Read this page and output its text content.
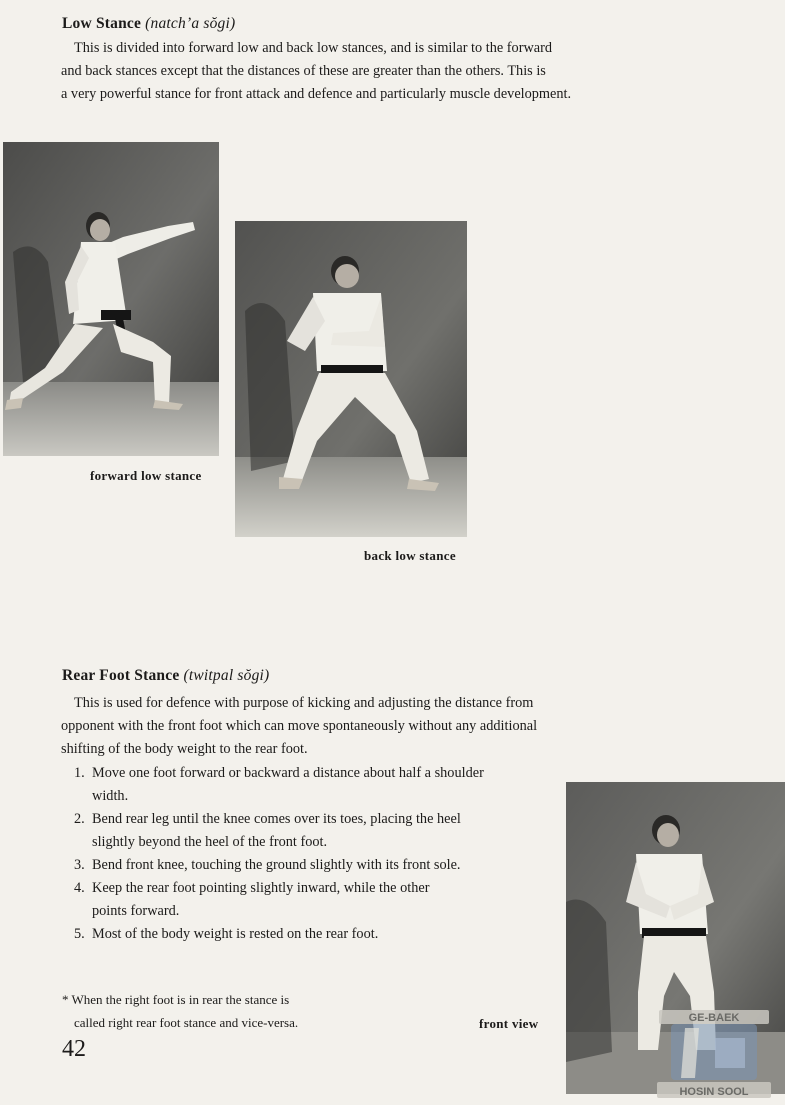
Low Stance (natch’a sŏgi)
This is divided into forward low and back low stances, and is similar to the forward
and back stances except that the distances of these are greater than the others. This is
a very powerful stance for front attack and defence and particularly muscle development.
forward low stance
back low stance
Rear Foot Stance (twitpal sŏgi)
This is used for defence with purpose of kicking and adjusting the distance from
opponent with the front foot which can move spontaneously without any additional
shifting of the body weight to the rear foot.
1. Move one foot forward or backward a distance about half a shoulder
width.
2. Bend rear leg until the knee comes over its toes, placing the heel
slightly beyond the heel of the front foot.
3. Bend front knee, touching the ground slightly with its front sole.
4. Keep the rear foot pointing slightly inward, while the other
points forward.
5. Most of the body weight is rested on the rear foot.
* When the right foot is in rear the stance is
called right rear foot stance and vice-versa.	front view	GE-BAEK
HOSIN SOOL
42
